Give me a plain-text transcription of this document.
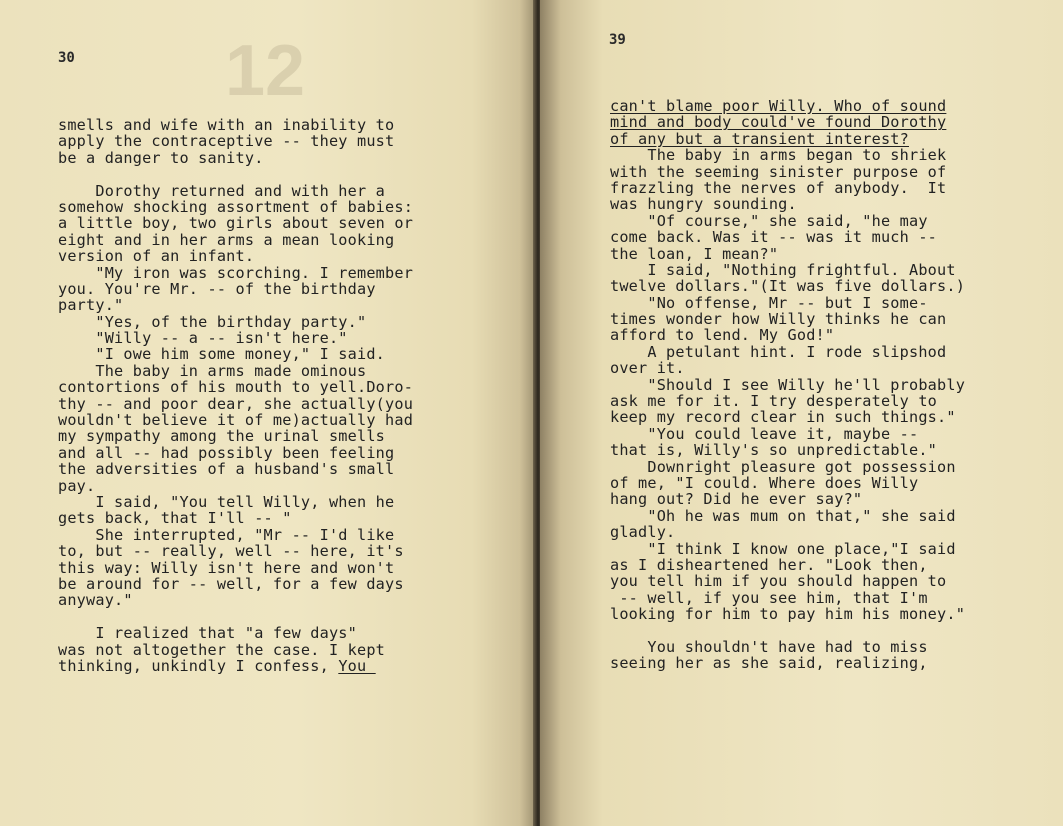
12
30
smells and wife with an inability to
apply the contraceptive -- they must
be a danger to sanity.
Dorothy returned and with her a
somehow shocking assortment of babies:
a little boy, two girls about seven or
eight and in her arms a mean looking
version of an infant.
"My iron was scorching. I remember
you. You're Mr. -- of the birthday
party."
"Yes, of the birthday party."
"Willy -- a -- isn't here."
"I owe him some money," I said.
The baby in arms made ominous
contortions of his mouth to yell.Doro-
thy -- and poor dear, she actually(you
wouldn't believe it of me)actually had
my sympathy among the urinal smells
and all -- had possibly been feeling
the adversities of a husband's small
pay.
I said, "You tell Willy, when he
gets back, that I'll -- "
She interrupted, "Mr -- I'd like
to, but -- really, well -- here, it's
this way: Willy isn't here and won't
be around for -- well, for a few days
anyway."
I realized that "a few days"
was not altogether the case. I kept
thinking, unkindly I confess, You
39
can't blame poor Willy. Who of sound
mind and body could've found Dorothy
of any but a transient interest?
The baby in arms began to shriek
with the seeming sinister purpose of
frazzling the nerves of anybody.  It
was hungry sounding.
"Of course," she said, "he may
come back. Was it -- was it much --
the loan, I mean?"
I said, "Nothing frightful. About
twelve dollars."(It was five dollars.)
"No offense, Mr -- but I some-
times wonder how Willy thinks he can
afford to lend. My God!"
A petulant hint. I rode slipshod
over it.
"Should I see Willy he'll probably
ask me for it. I try desperately to
keep my record clear in such things."
"You could leave it, maybe --
that is, Willy's so unpredictable."
Downright pleasure got possession
of me, "I could. Where does Willy
hang out? Did he ever say?"
"Oh he was mum on that," she said
gladly.
"I think I know one place,"I said
as I disheartened her. "Look then,
you tell him if you should happen to
-- well, if you see him, that I'm
looking for him to pay him his money."
You shouldn't have had to miss
seeing her as she said, realizing,
